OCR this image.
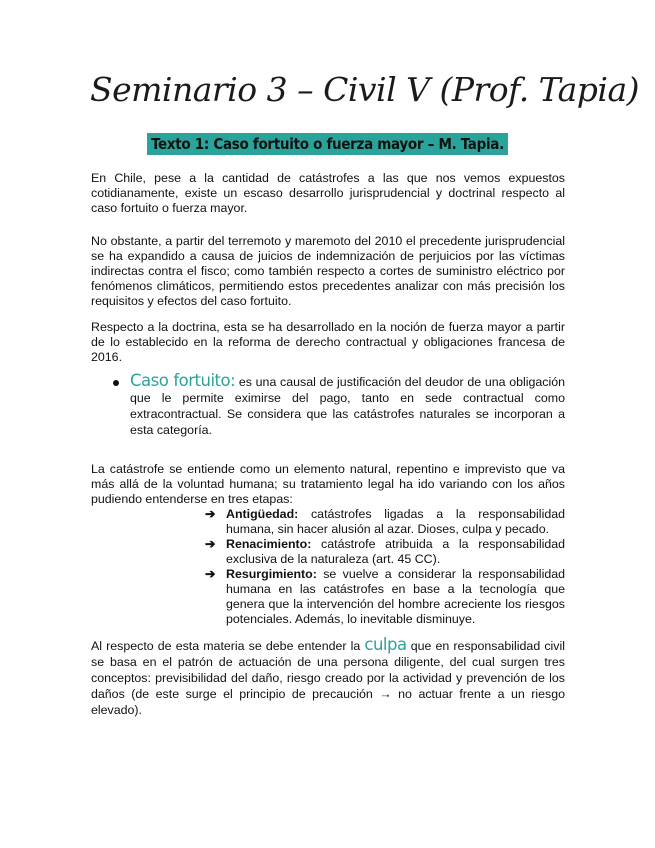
Seminario 3 – Civil V (Prof. Tapia)
Texto 1: Caso fortuito o fuerza mayor – M. Tapia.

En Chile, pese a la cantidad de catástrofes a las que nos vemos expuestos cotidianamente, existe un escaso desarrollo jurisprudencial y doctrinal respecto al caso fortuito o fuerza mayor.

No obstante, a partir del terremoto y maremoto del 2010 el precedente jurisprudencial se ha expandido a causa de juicios de indemnización de perjuicios por las víctimas indirectas contra el fisco; como también respecto a cortes de suministro eléctrico por fenómenos climáticos, permitiendo estos precedentes analizar con más precisión los requisitos y efectos del caso fortuito.

Respecto a la doctrina, esta se ha desarrollado en la noción de fuerza mayor a partir de lo establecido en la reforma de derecho contractual y obligaciones francesa de 2016.

Caso fortuito: es una causal de justificación del deudor de una obligación que le permite eximirse del pago, tanto en sede contractual como extracontractual. Se considera que las catástrofes naturales se incorporan a esta categoría.

La catástrofe se entiende como un elemento natural, repentino e imprevisto que va más allá de la voluntad humana; su tratamiento legal ha ido variando con los años pudiendo entenderse en tres etapas:

➔ Antigüedad: catástrofes ligadas a la responsabilidad humana, sin hacer alusión al azar. Dioses, culpa y pecado.
➔ Renacimiento: catástrofe atribuida a la responsabilidad exclusiva de la naturaleza (art. 45 CC).
➔ Resurgimiento: se vuelve a considerar la responsabilidad humana en las catástrofes en base a la tecnología que genera que la intervención del hombre acreciente los riesgos potenciales. Además, lo inevitable disminuye.

Al respecto de esta materia se debe entender la culpa que en responsabilidad civil se basa en el patrón de actuación de una persona diligente, del cual surgen tres conceptos: previsibilidad del daño, riesgo creado por la actividad y prevención de los daños (de este surge el principio de precaución → no actuar frente a un riesgo elevado).
